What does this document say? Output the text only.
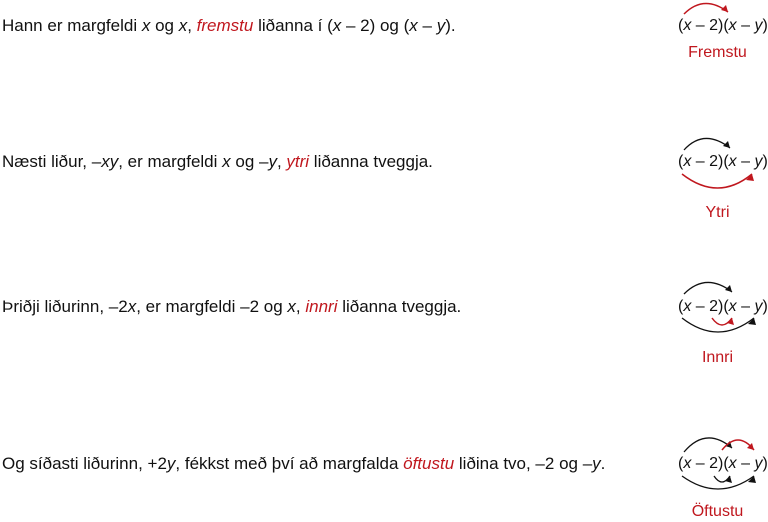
Hann er margfeldi x og x, fremstu liðanna í (x – 2) og (x – y).	(x – 2)(x – y)
Fremstu
Næsti liður, –xy, er margfeldi x og –y, ytri liðanna tveggja.	(x – 2)(x – y)
Ytri
Þriðji liðurinn, –2x, er margfeldi –2 og x, innri liðanna tveggja.	(x – 2)(x – y)
Innri
Og síðasti liðurinn, +2y, fékkst með því að margfalda öftustu liðina tvo, –2 og –y.	(x – 2)(x – y)
Öftustu
